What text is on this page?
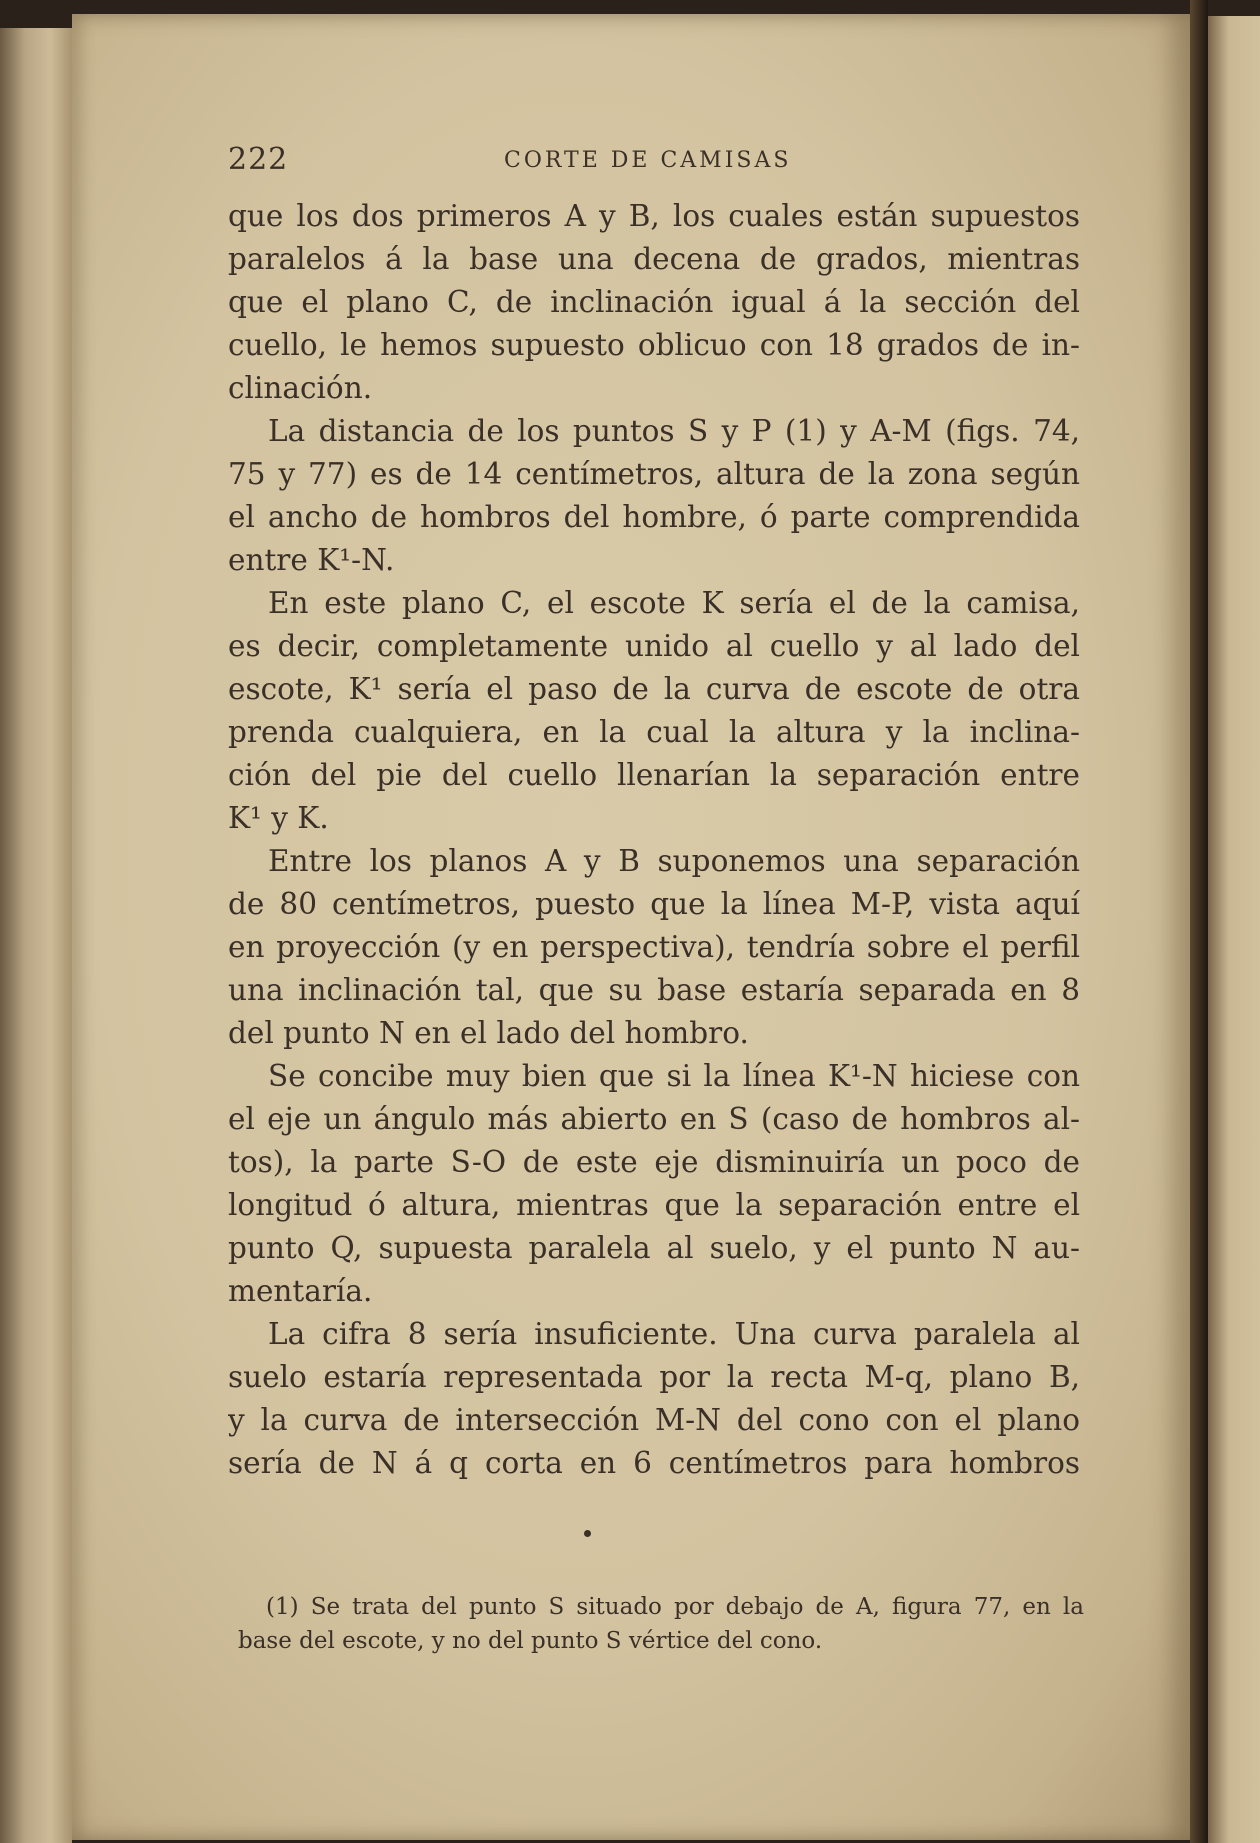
222	CORTE DE CAMISAS
que los dos primeros A y B, los cuales están supuestos
paralelos á la base una decena de grados, mientras
que el plano C, de inclinación igual á la sección del
cuello, le hemos supuesto oblicuo con 18 grados de in-
clinación.
La distancia de los puntos S y P (1) y A-M (figs. 74,
75 y 77) es de 14 centímetros, altura de la zona según
el ancho de hombros del hombre, ó parte comprendida
entre K¹-N.
En este plano C, el escote K sería el de la camisa,
es decir, completamente unido al cuello y al lado del
escote, K¹ sería el paso de la curva de escote de otra
prenda cualquiera, en la cual la altura y la inclina-
ción del pie del cuello llenarían la separación entre
K¹ y K.
Entre los planos A y B suponemos una separación
de 80 centímetros, puesto que la línea M-P, vista aquí
en proyección (y en perspectiva), tendría sobre el perfil
una inclinación tal, que su base estaría separada en 8
del punto N en el lado del hombro.
Se concibe muy bien que si la línea K¹-N hiciese con
el eje un ángulo más abierto en S (caso de hombros al-
tos), la parte S-O de este eje disminuiría un poco de
longitud ó altura, mientras que la separación entre el
punto Q, supuesta paralela al suelo, y el punto N au-
mentaría.
La cifra 8 sería insuficiente. Una curva paralela al
suelo estaría representada por la recta M-q, plano B,
y la curva de intersección M-N del cono con el plano
sería de N á q corta en 6 centímetros para hombros
(1) Se trata del punto S situado por debajo de A, figura 77, en la
base del escote, y no del punto S vértice del cono.
